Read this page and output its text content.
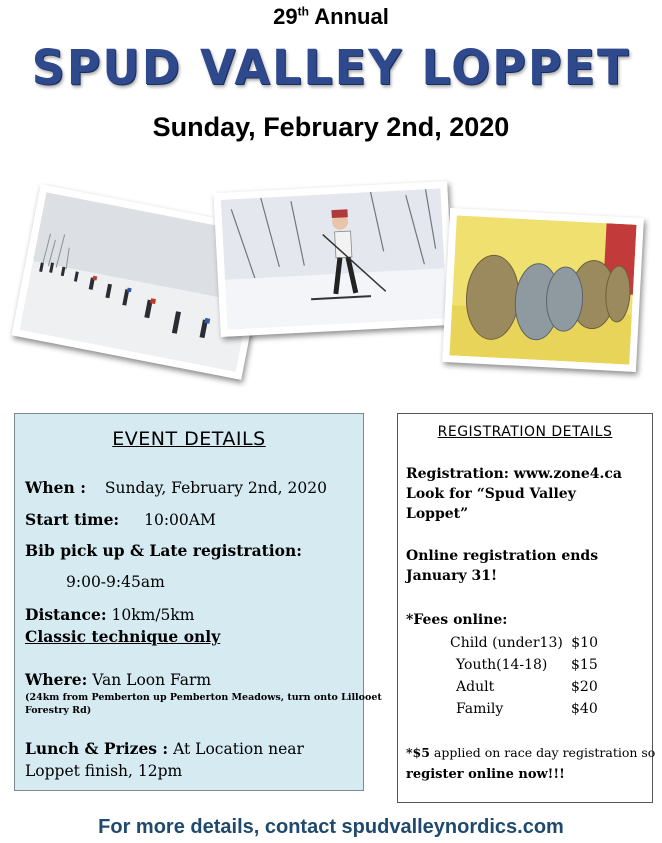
29th Annual
SPUD VALLEY LOPPET
Sunday, February 2nd, 2020
EVENT DETAILS
When : Sunday, February 2nd, 2020
Start time: 10:00AM
Bib pick up & Late registration:
9:00-9:45am
Distance: 10km/5km
Classic technique only
Where: Van Loon Farm
(24km from Pemberton up Pemberton Meadows, turn onto Lillooet
Forestry Rd)
Lunch & Prizes : At Location near
Loppet finish, 12pm
REGISTRATION DETAILS
Registration: www.zone4.ca
Look for “Spud Valley
Loppet”
Online registration ends
January 31!
*Fees online:
Child (under13) $10
Youth(14-18) $15
Adult	$20
Family	$40
*$5 applied on race day registration so
register online now!!!
For more details, contact spudvalleynordics.com
